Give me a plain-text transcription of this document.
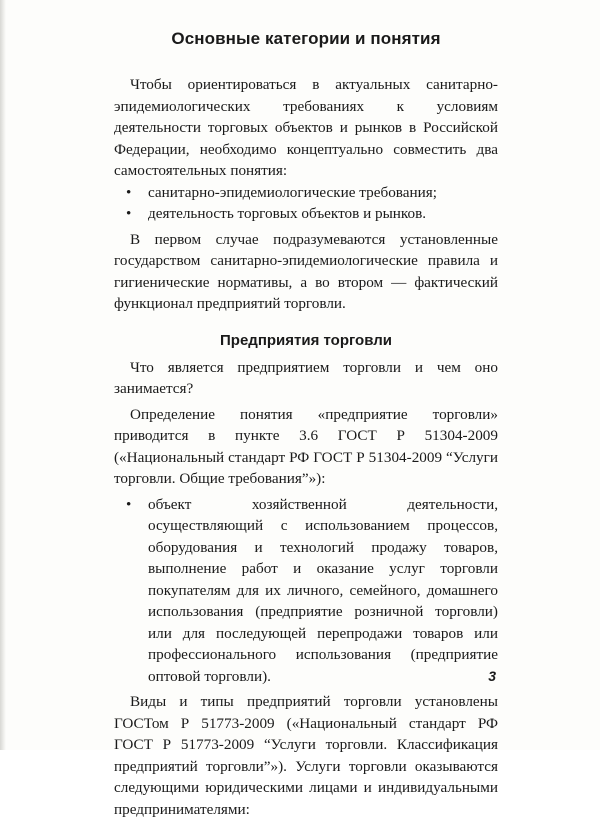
Основные категории и понятия

Чтобы ориентироваться в актуальных санитарно-эпидемиологических требованиях к условиям деятельности торговых объектов и рынков в Российской Федерации, необходимо концептуально совместить два самостоятельных понятия:

• санитарно-эпидемиологические требования;
• деятельность торговых объектов и рынков.

В первом случае подразумеваются установленные государством санитарно-эпидемиологические правила и гигиенические нормативы, а во втором — фактический функционал предприятий торговли.

Предприятия торговли

Что является предприятием торговли и чем оно занимается?

Определение понятия «предприятие торговли» приводится в пункте 3.6 ГОСТ Р 51304-2009 («Национальный стандарт РФ ГОСТ Р 51304-2009 “Услуги торговли. Общие требования”»):

• объект хозяйственной деятельности, осуществляющий с использованием процессов, оборудования и технологий продажу товаров, выполнение работ и оказание услуг торговли покупателям для их личного, семейного, домашнего использования (предприятие розничной торговли) или для последующей перепродажи товаров или профессионального использования (предприятие оптовой торговли).

Виды и типы предприятий торговли установлены ГОСТом Р 51773-2009 («Национальный стандарт РФ ГОСТ Р 51773-2009 “Услуги торговли. Классификация предприятий торговли”»). Услуги торговли оказываются следующими юридическими лицами и индивидуальными предпринимателями:

3
